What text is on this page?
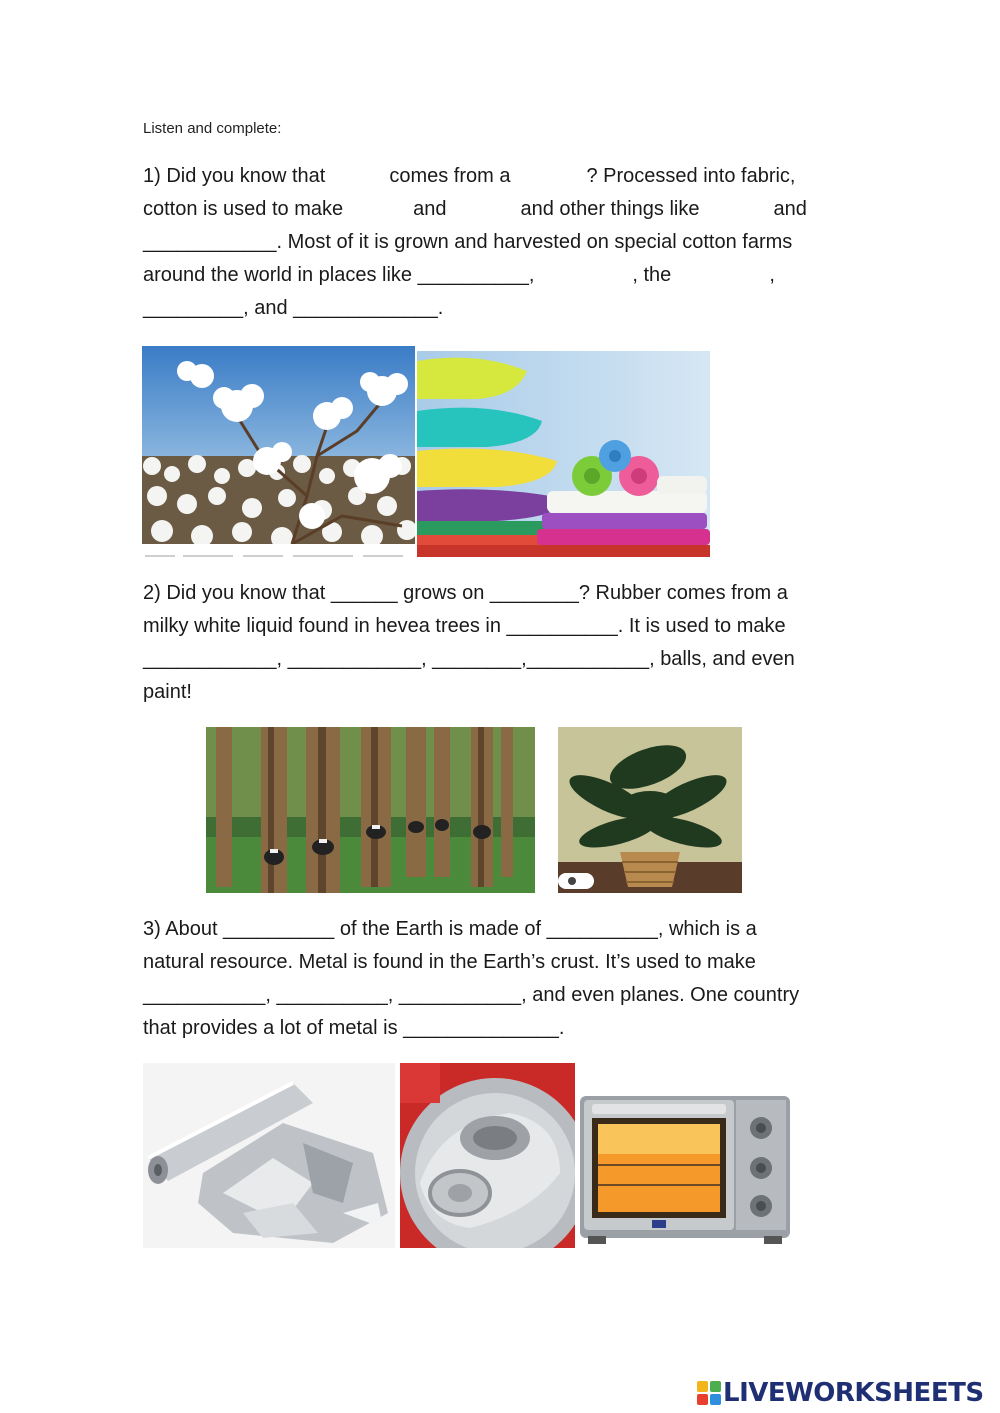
Listen and complete:
1) Did you know that	comes from a	? Processed into fabric,
cotton is used to make	and	and other things like	and
____________. Most of it is grown and harvested on special cotton farms
around the world in places like __________,	, the	,
_________, and _____________.
2) Did you know that ______ grows on ________? Rubber comes from a
milky white liquid found in hevea trees in __________. It is used to make
____________, ____________, ________,___________, balls, and even
paint!
3) About __________ of the Earth is made of __________, which is a
natural resource. Metal is found in the Earth’s crust. It’s used to make
___________, __________, ___________, and even planes. One country
that provides a lot of metal is ______________.
LIVEWORKSHEETS
